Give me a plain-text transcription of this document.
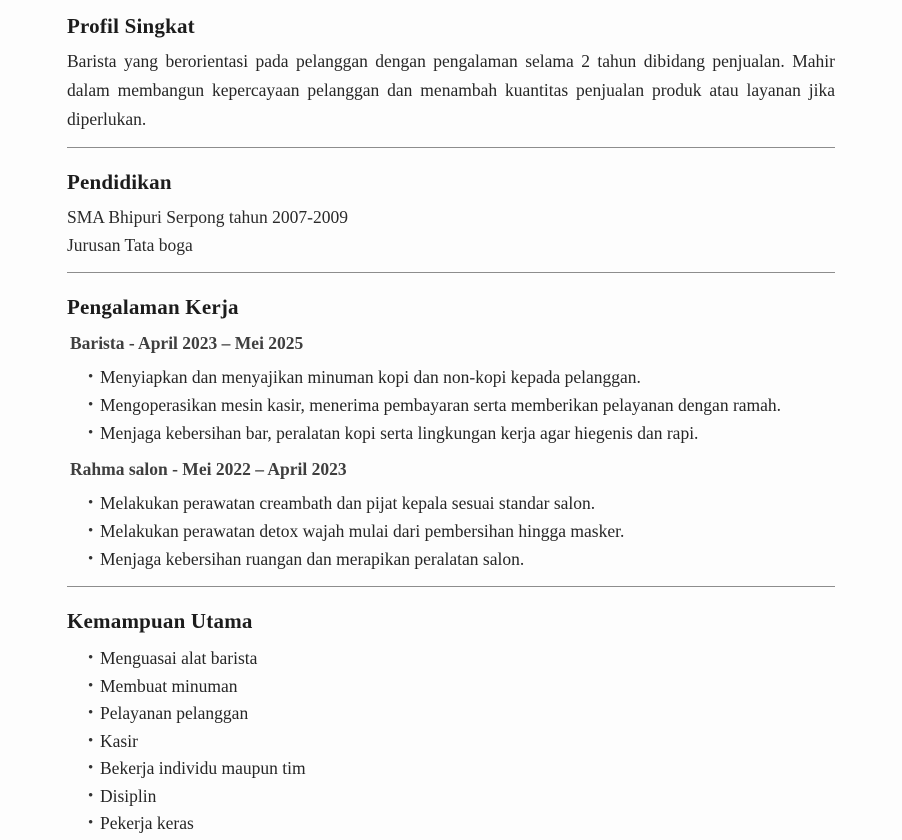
Profil Singkat

Barista yang berorientasi pada pelanggan dengan pengalaman selama 2 tahun dibidang penjualan. Mahir dalam membangun kepercayaan pelanggan dan menambah kuantitas penjualan produk atau layanan jika diperlukan.

Pendidikan

SMA Bhipuri Serpong tahun 2007-2009

Jurusan Tata boga

Pengalaman Kerja
Barista - April 2023 – Mei 2025
• Menyiapkan dan menyajikan minuman kopi dan non-kopi kepada pelanggan.
• Mengoperasikan mesin kasir, menerima pembayaran serta memberikan pelayanan dengan ramah.
• Menjaga kebersihan bar, peralatan kopi serta lingkungan kerja agar hiegenis dan rapi.
Rahma salon - Mei 2022 – April 2023
• Melakukan perawatan creambath dan pijat kepala sesuai standar salon.
• Melakukan perawatan detox wajah mulai dari pembersihan hingga masker.
• Menjaga kebersihan ruangan dan merapikan peralatan salon.
Kemampuan Utama
• Menguasai alat barista
• Membuat minuman
• Pelayanan pelanggan
• Kasir
• Bekerja individu maupun tim
• Disiplin
• Pekerja keras
